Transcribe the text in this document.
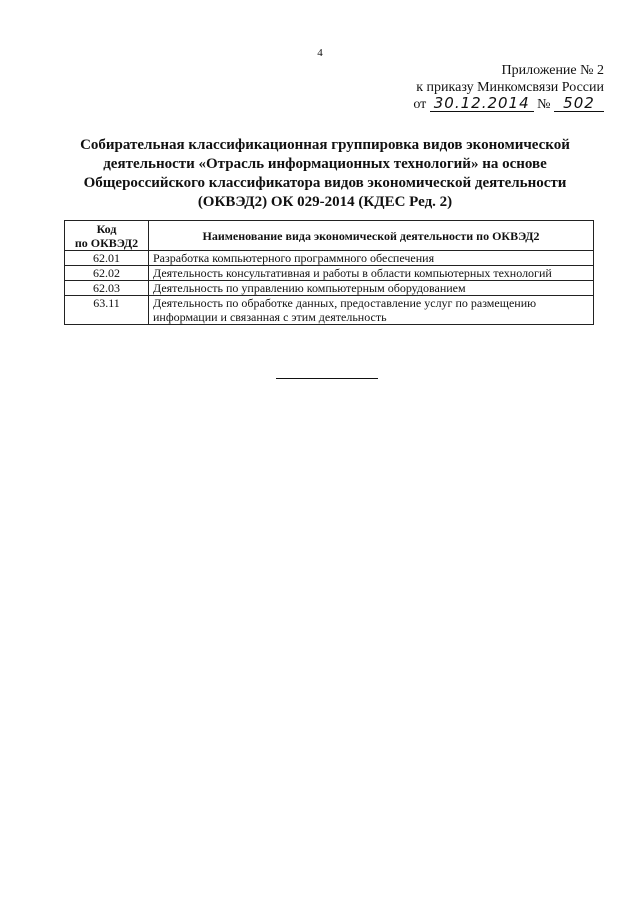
4
Приложение № 2
к приказу Минкомсвязи России
от 30.12.2014 № 502
Собирательная классификационная группировка видов экономической
деятельности «Отрасль информационных технологий» на основе
Общероссийского классификатора видов экономической деятельности
(ОКВЭД2) ОК 029-2014 (КДЕС Ред. 2)
Код
по ОКВЭД2	Наименование вида экономической деятельности по ОКВЭД2
62.01	Разработка компьютерного программного обеспечения
62.02	Деятельность консультативная и работы в области компьютерных технологий
62.03	Деятельность по управлению компьютерным оборудованием
63.11	Деятельность по обработке данных, предоставление услуг по размещению информации и связанная с этим деятельность
